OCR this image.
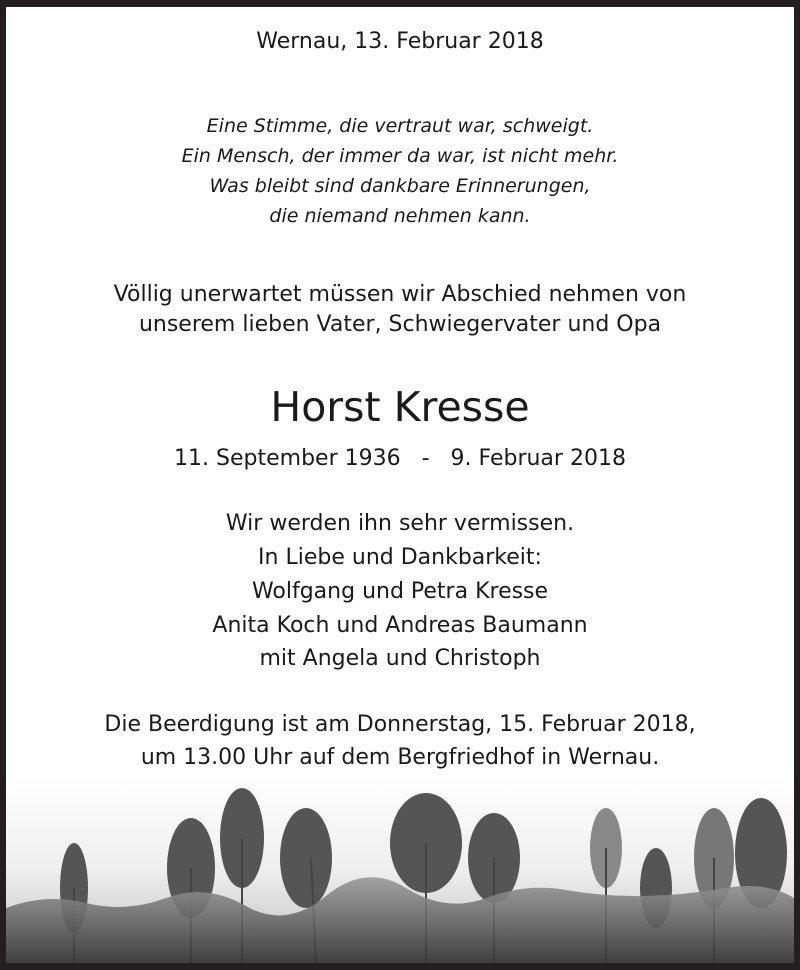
Wernau, 13. Februar 2018
Eine Stimme, die vertraut war, schweigt.
Ein Mensch, der immer da war, ist nicht mehr.
Was bleibt sind dankbare Erinnerungen,
die niemand nehmen kann.
Völlig unerwartet müssen wir Abschied nehmen von
unserem lieben Vater, Schwiegervater und Opa
Horst Kresse
11. September 1936   -   9. Februar 2018
Wir werden ihn sehr vermissen.
In Liebe und Dankbarkeit:
Wolfgang und Petra Kresse
Anita Koch und Andreas Baumann
mit Angela und Christoph
Die Beerdigung ist am Donnerstag, 15. Februar 2018,
um 13.00 Uhr auf dem Bergfriedhof in Wernau.
